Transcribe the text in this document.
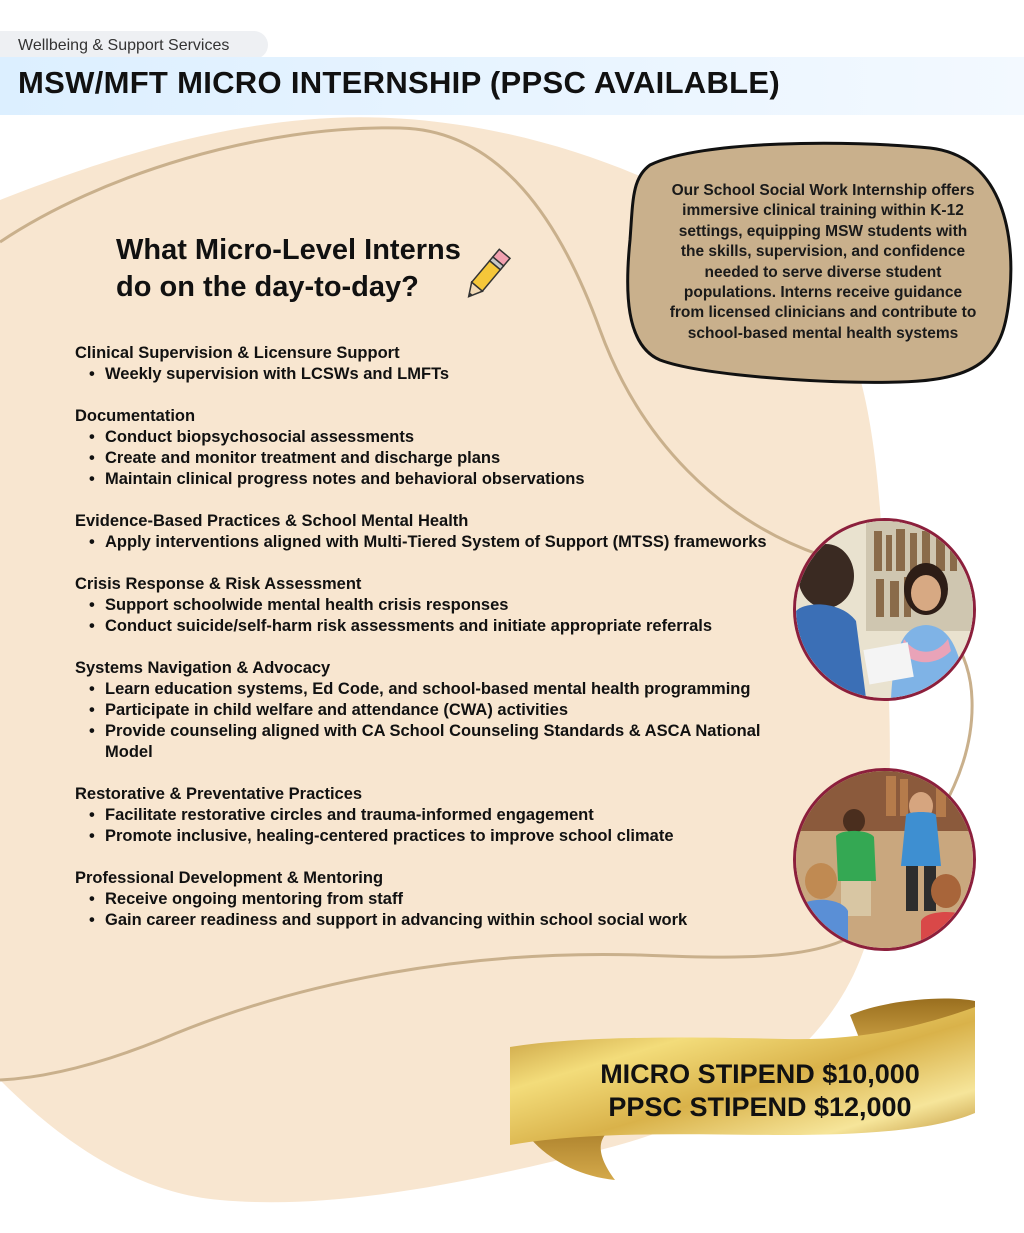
Wellbeing & Support Services
MSW/MFT MICRO INTERNSHIP (PPSC AVAILABLE)
What Micro-Level Interns
do on the day-to-day?
Our School Social Work Internship offers immersive clinical training within K-12 settings, equipping MSW students with the skills, supervision, and confidence needed to serve diverse student populations. Interns receive guidance from licensed clinicians and contribute to school-based mental health systems

Clinical Supervision & Licensure Support

• Weekly supervision with LCSWs and LMFTs

Documentation

• Conduct biopsychosocial assessments
• Create and monitor treatment and discharge plans
• Maintain clinical progress notes and behavioral observations

Evidence-Based Practices & School Mental Health

• Apply interventions aligned with Multi-Tiered System of Support (MTSS) frameworks

Crisis Response & Risk Assessment

• Support schoolwide mental health crisis responses
• Conduct suicide/self-harm risk assessments and initiate appropriate referrals

Systems Navigation & Advocacy

• Learn education systems, Ed Code, and school-based mental health programming
• Participate in child welfare and attendance (CWA) activities
• Provide counseling aligned with CA School Counseling Standards & ASCA National Model

Restorative & Preventative Practices

• Facilitate restorative circles and trauma-informed engagement
• Promote inclusive, healing-centered practices to improve school climate

Professional Development & Mentoring

• Receive ongoing mentoring from staff
• Gain career readiness and support in advancing within school social work
MICRO STIPEND $10,000
PPSC STIPEND $12,000
